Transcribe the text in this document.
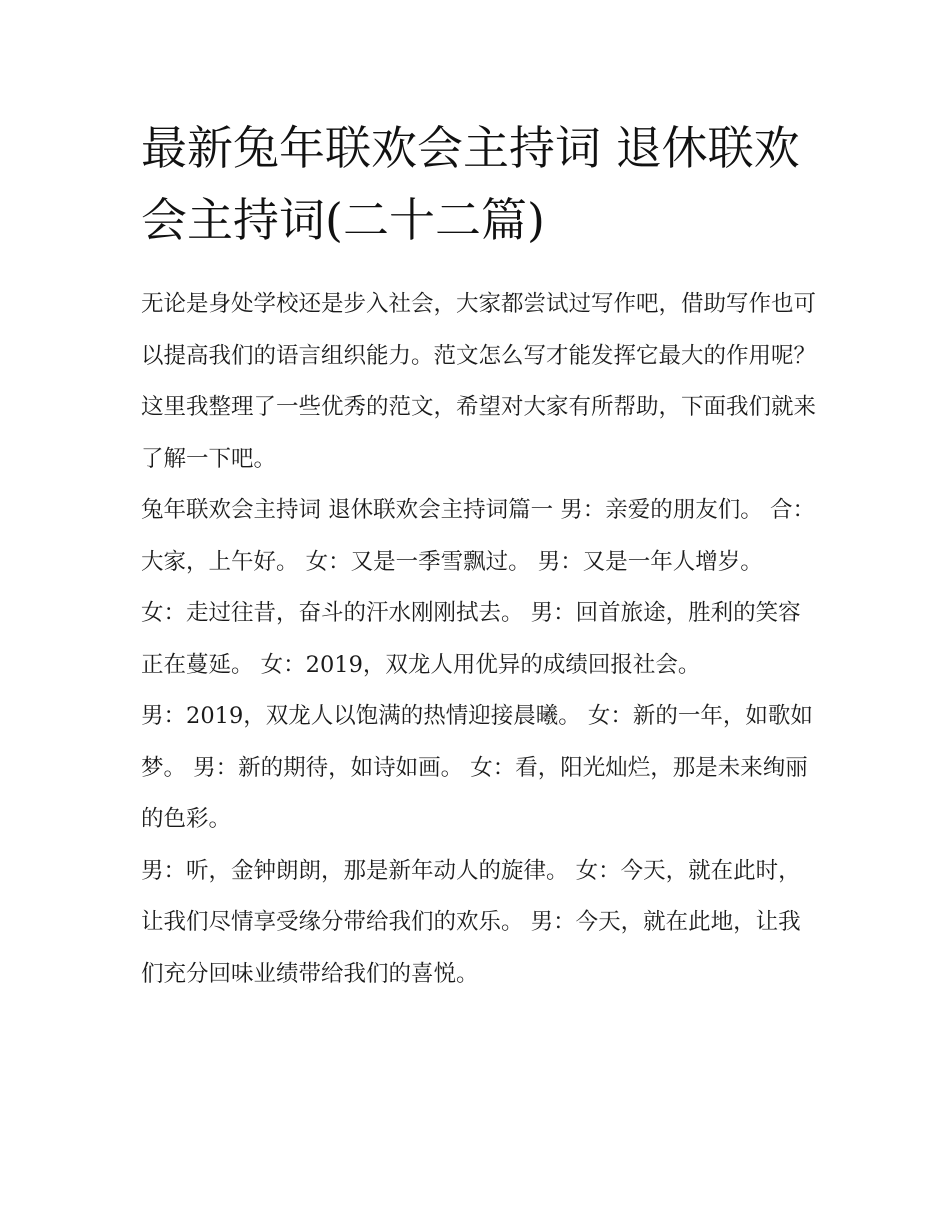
最新兔年联欢会主持词 退休联欢会主持词(二十二篇)

无论是身处学校还是步入社会，大家都尝试过写作吧，借助写作也可以提高我们的语言组织能力。范文怎么写才能发挥它最大的作用呢？这里我整理了一些优秀的范文，希望对大家有所帮助，下面我们就来了解一下吧。

兔年联欢会主持词 退休联欢会主持词篇一 男：亲爱的朋友们。 合：大家，上午好。 女：又是一季雪飘过。 男：又是一年人增岁。

女：走过往昔，奋斗的汗水刚刚拭去。 男：回首旅途，胜利的笑容正在蔓延。 女：2019，双龙人用优异的成绩回报社会。

男：2019，双龙人以饱满的热情迎接晨曦。 女：新的一年，如歌如梦。 男：新的期待，如诗如画。 女：看，阳光灿烂，那是未来绚丽的色彩。

男：听，金钟朗朗，那是新年动人的旋律。 女：今天，就在此时，让我们尽情享受缘分带给我们的欢乐。 男：今天，就在此地，让我们充分回味业绩带给我们的喜悦。
